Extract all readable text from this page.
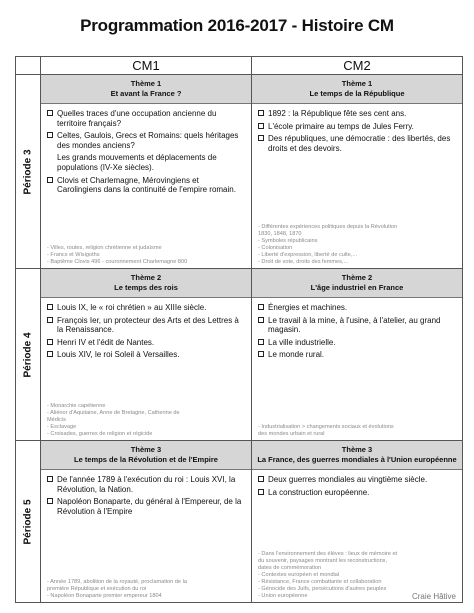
Programmation 2016-2017 - Histoire CM
CM1	CM2
Période 3
Thème 1
Et avant la France ?
Quelles traces d'une occupation ancienne du territoire français?
Celtes, Gaulois, Grecs et Romains: quels héritages des mondes anciens?
Les grands mouvements et déplacements de populations (IV-Xe siècles).
Clovis et Charlemagne, Mérovingiens et Carolingiens dans la continuité de l'empire romain.
- Villes, routes, religion chrétienne et judaïsme
- Francs et Wisigoths
- Baptême Clovis 496 - couronnement Charlemagne 800
Thème 1
Le temps de la République
1892 : la République fête ses cent ans.
L'école primaire au temps de Jules Ferry.
Des républiques, une démocratie : des libertés, des droits et des devoirs.
- Différentes expériences politiques depuis la Révolution
1830, 1848, 1870
- Symboles républicains
- Colonisation
- Liberté d'expression, liberté de culte,...
- Droit de vote, droits des femmes,...
Période 4
Thème 2
Le temps des rois
Louis IX, le « roi chrétien » au XIIIe siècle.
François Ier, un protecteur des Arts et des Lettres à la Renaissance.
Henri IV et l'édit de Nantes.
Louis XIV, le roi Soleil à Versailles.
- Monarchie capétienne
- Aliénor d'Aquitaine, Anne de Bretagne, Catherine de
Médicis
- Esclavage
- Croisades, guerres de religion et régicide
Thème 2
L'âge industriel en France
Énergies et machines.
Le travail à la mine, à l'usine, à l'atelier, au grand magasin.
La ville industrielle.
Le monde rural.
- Industrialisation > changements sociaux et évolutions
des mondes urbain et rural
Période 5
Thème 3
Le temps de la Révolution et de l'Empire
De l'année 1789 à l'exécution du roi : Louis XVI, la Révolution, la Nation.
Napoléon Bonaparte, du général à l'Empereur, de la Révolution à l'Empire
- Année 1789, abolition de la royauté, proclamation de la
première République et exécution du roi
- Napoléon Bonaparte premier empereur 1804
Thème 3
La France, des guerres mondiales à l'Union européenne
Deux guerres mondiales au vingtième siècle.
La construction européenne.
- Dans l'environnement des élèves : lieux de mémoire et
du souvenir, paysages montrant les reconstructions,
dates de commémoration
- Contextes européen et mondial
- Résistance, France combattante et collaboration
- Génocide des Juifs, persécutions d'autres peuples
- Union européenne	Craie Hâtive
